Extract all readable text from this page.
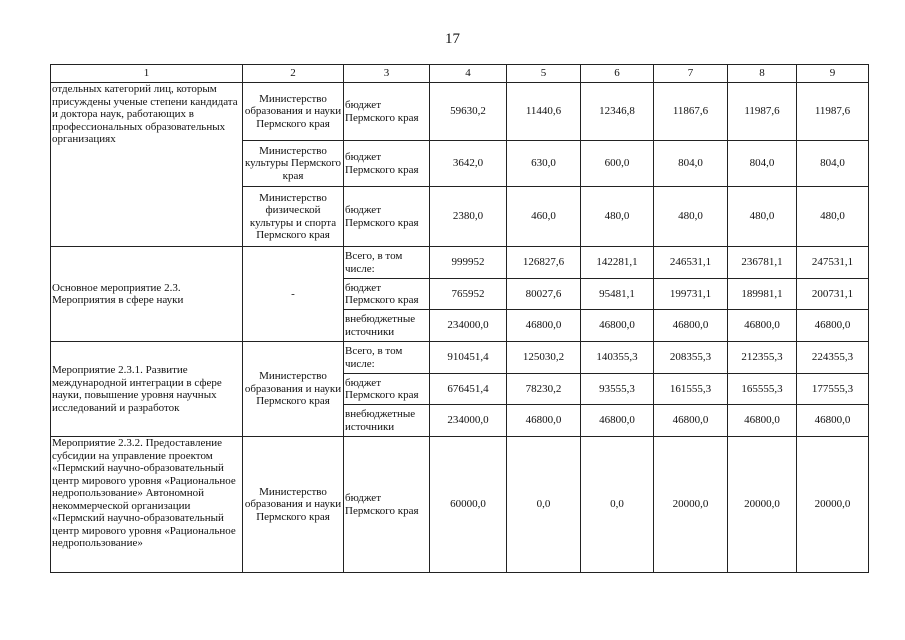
17
1	2	3	4	5	6	7	8	9
отдельных категорий лиц, которым присуждены ученые степени кандидата и доктора наук, работающих в профессиональных образовательных организациях	Министерство образования и науки Пермского края	бюджет Пермского края	59630,2	11440,6	12346,8	11867,6	11987,6	11987,6
	Министерство культуры Пермского края	бюджет Пермского края	3642,0	630,0	600,0	804,0	804,0	804,0
	Министерство физической культуры и спорта Пермского края	бюджет Пермского края	2380,0	460,0	480,0	480,0	480,0	480,0
Основное мероприятие 2.3. Мероприятия в сфере науки	-	Всего, в том числе:	999952	126827,6	142281,1	246531,1	236781,1	247531,1
		бюджет Пермского края	765952	80027,6	95481,1	199731,1	189981,1	200731,1
		внебюджетные источники	234000,0	46800,0	46800,0	46800,0	46800,0	46800,0
Мероприятие 2.3.1. Развитие международной интеграции в сфере науки, повышение уровня научных исследований и разработок	Министерство образования и науки Пермского края	Всего, в том числе:	910451,4	125030,2	140355,3	208355,3	212355,3	224355,3
		бюджет Пермского края	676451,4	78230,2	93555,3	161555,3	165555,3	177555,3
		внебюджетные источники	234000,0	46800,0	46800,0	46800,0	46800,0	46800,0
Мероприятие 2.3.2. Предоставление субсидии на управление проектом «Пермский научно-образовательный центр мирового уровня «Рациональное недропользование» Автономной некоммерческой организации «Пермский научно-образовательный центр мирового уровня «Рациональное недропользование»	Министерство образования и науки Пермского края	бюджет Пермского края	60000,0	0,0	0,0	20000,0	20000,0	20000,0
